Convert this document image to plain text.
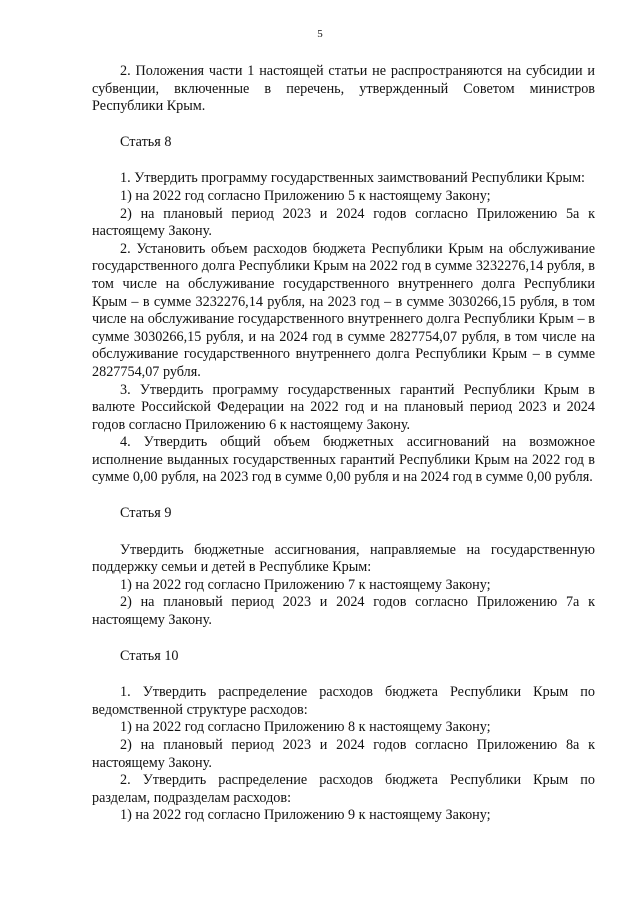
5

2. Положения части 1 настоящей статьи не распространяются на субсидии и субвенции, включенные в перечень, утвержденный Советом министров Республики Крым.

Статья 8

1. Утвердить программу государственных заимствований Республики Крым:

1) на 2022 год согласно Приложению 5 к настоящему Закону;

2) на плановый период 2023 и 2024 годов согласно Приложению 5а к настоящему Закону.

2. Установить объем расходов бюджета Республики Крым на обслуживание государственного долга Республики Крым на 2022 год в сумме 3232276,14 рубля, в том числе на обслуживание государственного внутреннего долга Республики Крым – в сумме 3232276,14 рубля, на 2023 год – в сумме 3030266,15 рубля, в том числе на обслуживание государственного внутреннего долга Республики Крым – в сумме 3030266,15 рубля, и на 2024 год в сумме 2827754,07 рубля, в том числе на обслуживание государственного внутреннего долга Республики Крым – в сумме 2827754,07 рубля.

3. Утвердить программу государственных гарантий Республики Крым в валюте Российской Федерации на 2022 год и на плановый период 2023 и 2024 годов согласно Приложению 6 к настоящему Закону.

4. Утвердить общий объем бюджетных ассигнований на возможное исполнение выданных государственных гарантий Республики Крым на 2022 год в сумме 0,00 рубля, на 2023 год в сумме 0,00 рубля и на 2024 год в сумме 0,00 рубля.

Статья 9

Утвердить бюджетные ассигнования, направляемые на государственную поддержку семьи и детей в Республике Крым:

1) на 2022 год согласно Приложению 7 к настоящему Закону;

2) на плановый период 2023 и 2024 годов согласно Приложению 7а к настоящему Закону.

Статья 10

1. Утвердить распределение расходов бюджета Республики Крым по ведомственной структуре расходов:

1) на 2022 год согласно Приложению 8 к настоящему Закону;

2) на плановый период 2023 и 2024 годов согласно Приложению 8а к настоящему Закону.

2. Утвердить распределение расходов бюджета Республики Крым по разделам, подразделам расходов:

1) на 2022 год согласно Приложению 9 к настоящему Закону;
